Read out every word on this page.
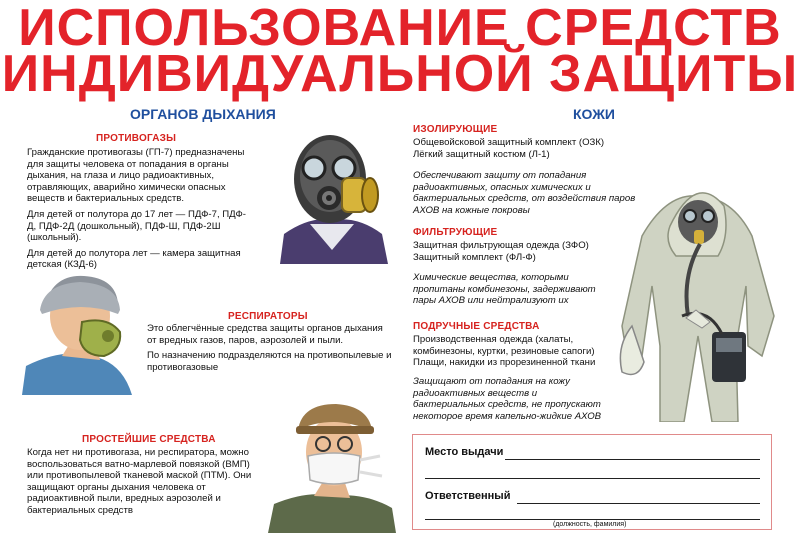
ИСПОЛЬЗОВАНИЕ СРЕДСТВ
ИНДИВИДУАЛЬНОЙ ЗАЩИТЫ
ОРГАНОВ ДЫХАНИЯ	КОЖИ
ПРОТИВОГАЗЫ

Гражданские противогазы (ГП-7) предназначены для защиты человека от попадания в органы дыхания, на глаза и лицо радиоактивных, отравляющих, аварийно химически опасных веществ и бактериальных средств.

Для детей от полутора до 17 лет — ПДФ-7, ПДФ-Д, ПДФ-2Д (дошкольный), ПДФ-Ш, ПДФ-2Ш (школьный).

Для детей до полутора лет — камера защитная детская (КЗД-6)

РЕСПИРАТОРЫ

Это облегчённые средства защиты органов дыхания от вредных газов, паров, аэрозолей и пыли.

По назначению подразделяются на противопылевые и противогазовые

ПРОСТЕЙШИЕ СРЕДСТВА

Когда нет ни противогаза, ни респиратора, можно воспользоваться ватно-марлевой повязкой (ВМП) или противопылевой тканевой маской (ПТМ). Они защищают органы дыхания человека от радиоактивной пыли, вредных аэрозолей и бактериальных средств

ИЗОЛИРУЮЩИЕ

Общевойсковой защитный комплект (ОЗК)

Лёгкий защитный костюм (Л-1)

Обеспечивают защиту от попадания радиоактивных, опасных химических и бактериальных средств, от воздействия паров АХОВ на кожные покровы
ФИЛЬТРУЮЩИЕ

Защитная фильтрующая одежда (ЗФО)

Защитный комплект (ФЛ-Ф)

Химические вещества, которыми пропитаны комбинезоны, задерживают пары АХОВ или нейтрализуют их
ПОДРУЧНЫЕ СРЕДСТВА

Производственная одежда (халаты, комбинезоны, куртки, резиновые сапоги)

Плащи, накидки из прорезиненной ткани

Защищают от попадания на кожу радиоактивных веществ и бактериальных средств, не пропускают некоторое время капельно-жидкие АХОВ
Место выдачи
Ответственный
(должность, фамилия)
